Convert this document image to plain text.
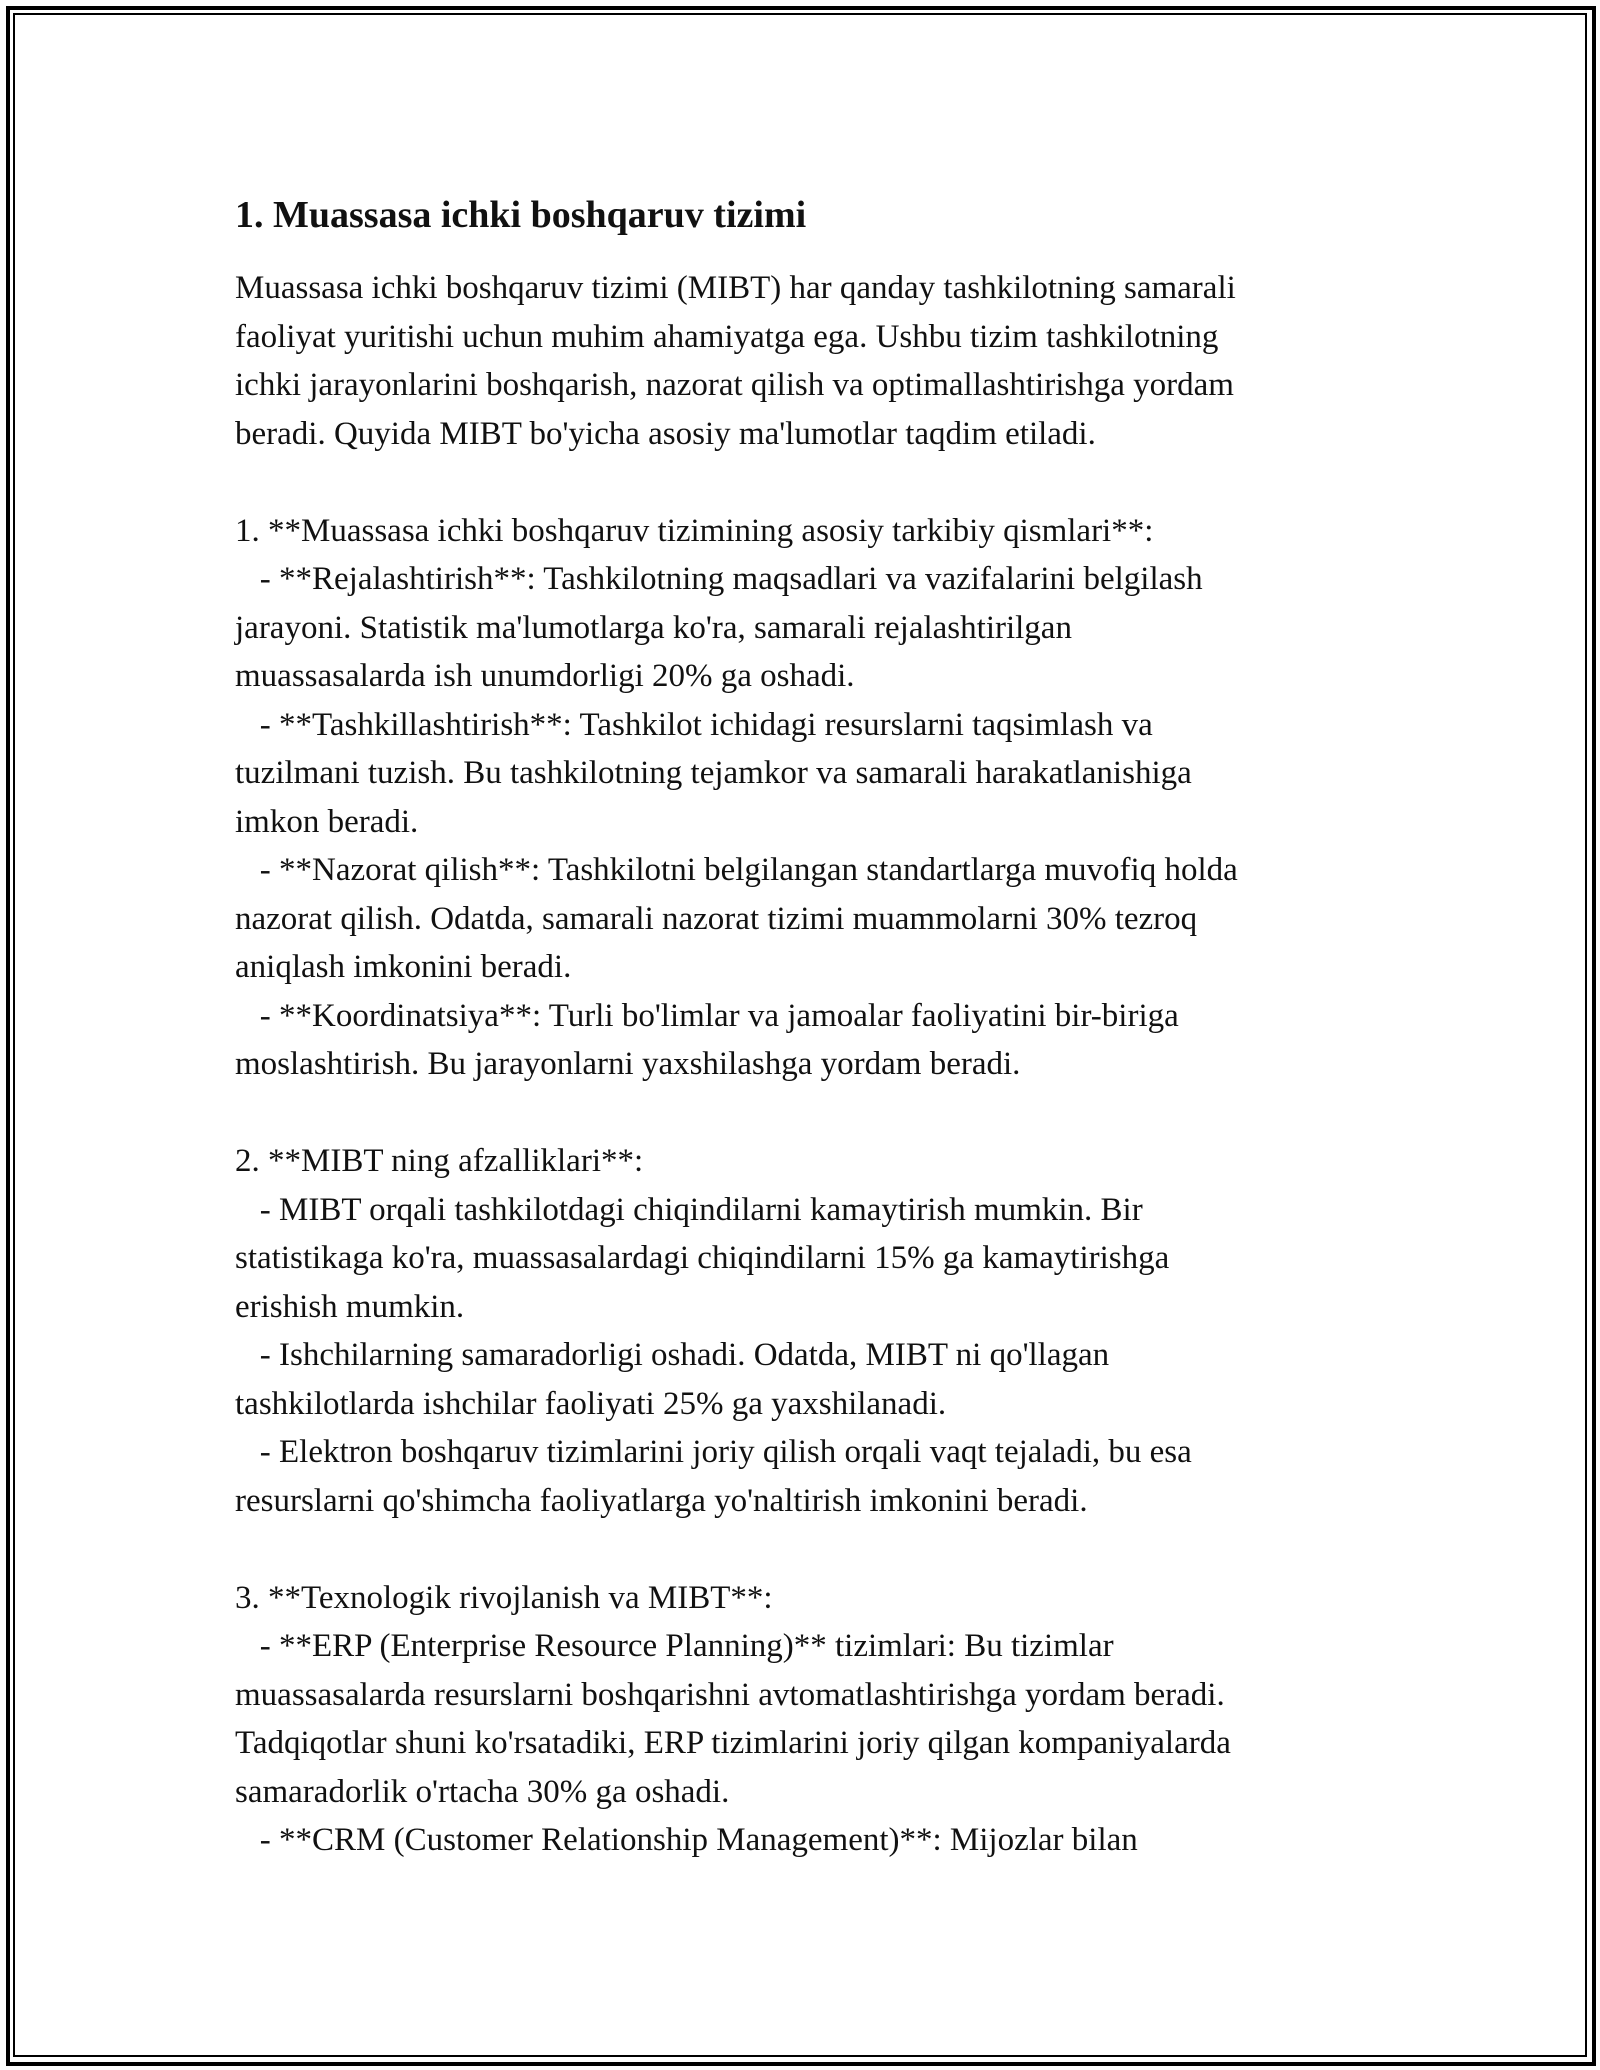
1. Muassasa ichki boshqaruv tizimi
Muassasa ichki boshqaruv tizimi (MIBT) har qanday tashkilotning samarali
faoliyat yuritishi uchun muhim ahamiyatga ega. Ushbu tizim tashkilotning
ichki jarayonlarini boshqarish, nazorat qilish va optimallashtirishga yordam
beradi. Quyida MIBT bo'yicha asosiy ma'lumotlar taqdim etiladi.
1. **Muassasa ichki boshqaruv tizimining asosiy tarkibiy qismlari**:
- **Rejalashtirish**: Tashkilotning maqsadlari va vazifalarini belgilash
jarayoni. Statistik ma'lumotlarga ko'ra, samarali rejalashtirilgan
muassasalarda ish unumdorligi 20% ga oshadi.
- **Tashkillashtirish**: Tashkilot ichidagi resurslarni taqsimlash va
tuzilmani tuzish. Bu tashkilotning tejamkor va samarali harakatlanishiga
imkon beradi.
- **Nazorat qilish**: Tashkilotni belgilangan standartlarga muvofiq holda
nazorat qilish. Odatda, samarali nazorat tizimi muammolarni 30% tezroq
aniqlash imkonini beradi.
- **Koordinatsiya**: Turli bo'limlar va jamoalar faoliyatini bir-biriga
moslashtirish. Bu jarayonlarni yaxshilashga yordam beradi.
2. **MIBT ning afzalliklari**:
- MIBT orqali tashkilotdagi chiqindilarni kamaytirish mumkin. Bir
statistikaga ko'ra, muassasalardagi chiqindilarni 15% ga kamaytirishga
erishish mumkin.
- Ishchilarning samaradorligi oshadi. Odatda, MIBT ni qo'llagan
tashkilotlarda ishchilar faoliyati 25% ga yaxshilanadi.
- Elektron boshqaruv tizimlarini joriy qilish orqali vaqt tejaladi, bu esa
resurslarni qo'shimcha faoliyatlarga yo'naltirish imkonini beradi.
3. **Texnologik rivojlanish va MIBT**:
- **ERP (Enterprise Resource Planning)** tizimlari: Bu tizimlar
muassasalarda resurslarni boshqarishni avtomatlashtirishga yordam beradi.
Tadqiqotlar shuni ko'rsatadiki, ERP tizimlarini joriy qilgan kompaniyalarda
samaradorlik o'rtacha 30% ga oshadi.
- **CRM (Customer Relationship Management)**: Mijozlar bilan
